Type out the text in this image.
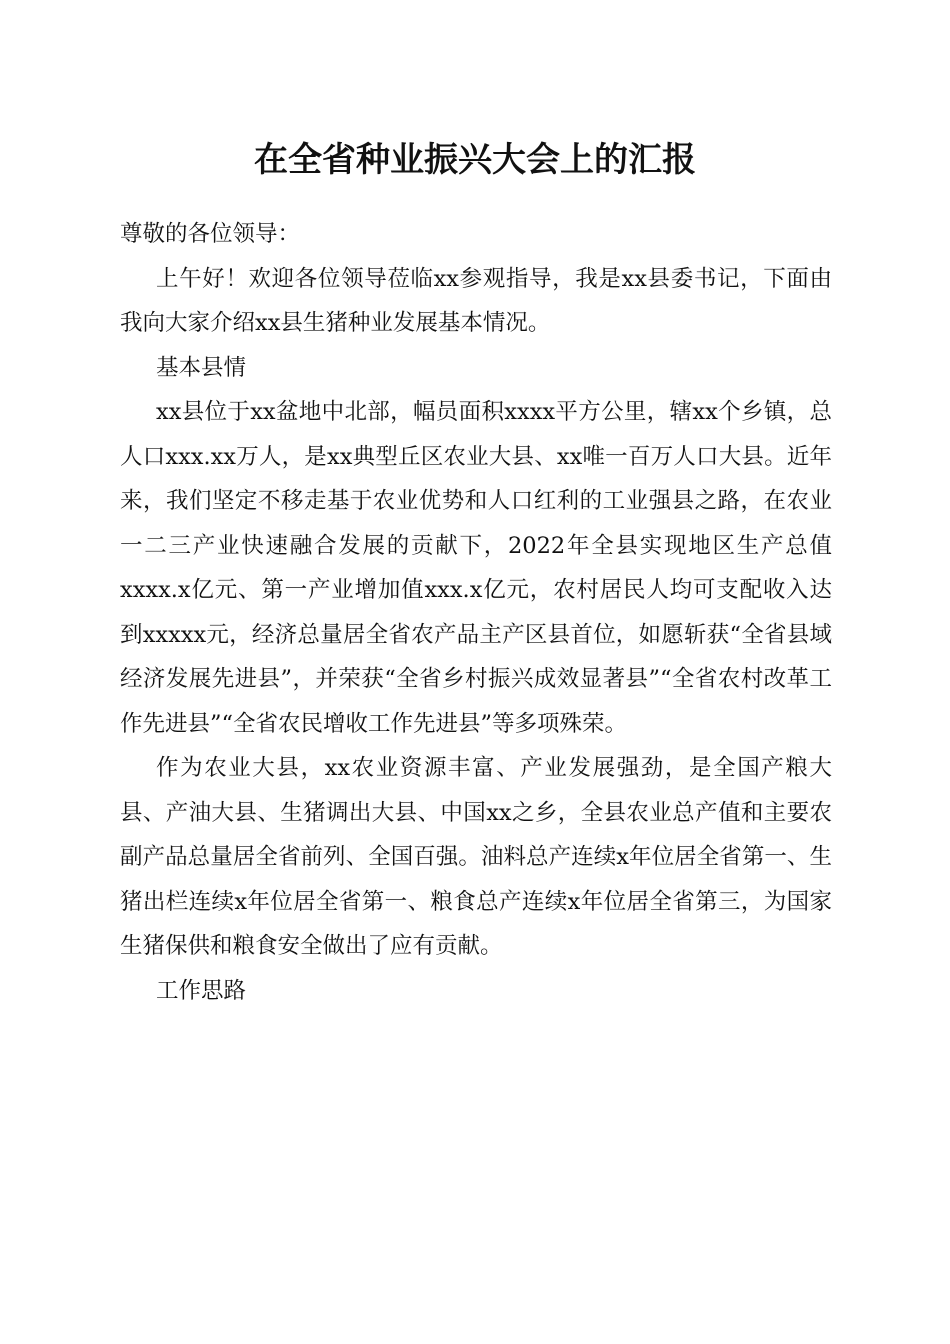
在全省种业振兴大会上的汇报

尊敬的各位领导：

上午好！欢迎各位领导莅临xx参观指导，我是xx县委书记，下面由我向大家介绍xx县生猪种业发展基本情况。

基本县情

xx县位于xx盆地中北部，幅员面积xxxx平方公里，辖xx个乡镇，总人口xxx.xx万人，是xx典型丘区农业大县、xx唯一百万人口大县。近年来，我们坚定不移走基于农业优势和人口红利的工业强县之路，在农业一二三产业快速融合发展的贡献下，2022年全县实现地区生产总值xxxx.x亿元、第一产业增加值xxx.x亿元，农村居民人均可支配收入达到xxxxx元，经济总量居全省农产品主产区县首位，如愿斩获“全省县域经济发展先进县”，并荣获“全省乡村振兴成效显著县”“全省农村改革工作先进县”“全省农民增收工作先进县”等多项殊荣。

作为农业大县，xx农业资源丰富、产业发展强劲，是全国产粮大县、产油大县、生猪调出大县、中国xx之乡，全县农业总产值和主要农副产品总量居全省前列、全国百强。油料总产连续x年位居全省第一、生猪出栏连续x年位居全省第一、粮食总产连续x年位居全省第三，为国家生猪保供和粮食安全做出了应有贡献。

工作思路
